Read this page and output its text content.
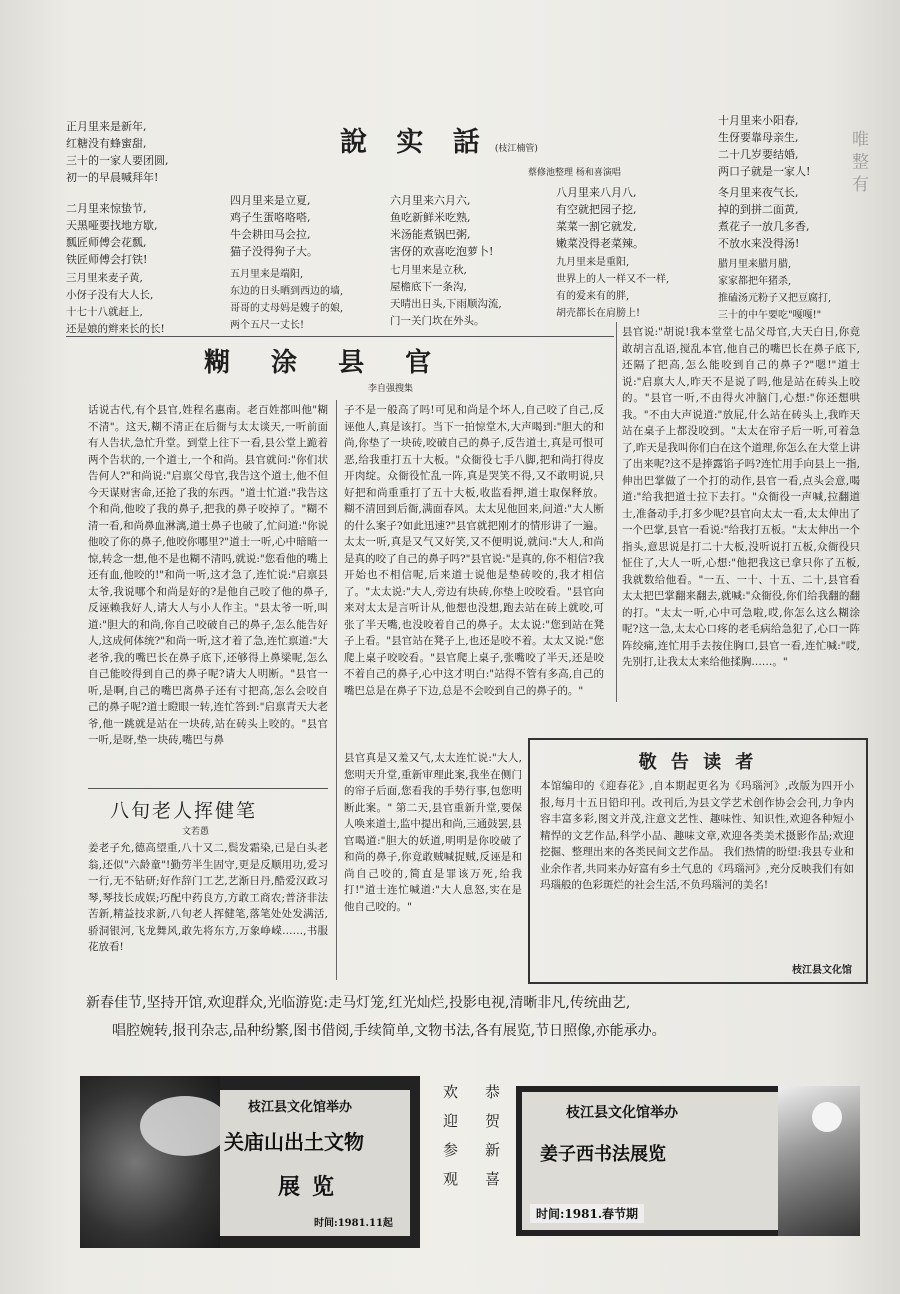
正月里来是新年,
红糖没有蜂蜜甜,
三十的一家人要团圆,
初一的早晨喊拜年!
二月里来惊蛰节,
天黑哑要找地方歇,
瓢匠师傅会花瓢,
铁匠师傅会打铁!
三月里来麦子黄,
小伢子没有大人长,
十七十八就赶上,
还是娘的辫来长的长!
四月里来是立夏,
鸡子生蛋咯咯嗒,
牛会耕田马会拉,
猫子没得狗子大。
五月里来是端阳,
东边的日头晒到西边的墙,
哥哥的丈母妈是嫂子的娘,
两个五尺一丈长!
說 实 話 (枝江楠管)
蔡修池整理 杨和喜演唱
六月里来六月六,
鱼吃新鲜米吃熟,
米汤能煮锅巴粥,
害伢的欢喜吃泡萝卜!
七月里来是立秋,
屋檐底下一条沟,
天晴出日头,下雨顺沟流,
门一关门坎在外头。
八月里来八月八,
有空就把园子挖,
菜菜一割它就发,
嫩菜没得老菜辣。
九月里来是重阳,
世界上的人一样又不一样,
有的爱来有的胖,
胡壳都长在肩膀上!
十月里来小阳春,
生伢要靠母亲生,
二十几岁要结婚,
两口子就是一家人!
冬月里来夜气长,
掉的到拼二面黄,
煮花子一放几多香,
不放水来没得汤!
腊月里来腊月腊,
家家都把年猪杀,
推磕汤元粉子又把豆腐打,
三十的中午要吃"嘎嘎!"
唯 整 有
糊 涂 县 官
李自强搜集
话说古代,有个县官,姓程名惠南。老百姓都叫他"糊不清"。这天,糊不清正在后衙与太太谈天,一听前面有人告状,急忙升堂。到堂上往下一看,县公堂上跪着两个告状的,一个道士,一个和尚。县官就问:"你们状告何人?"和尚说:"启禀父母官,我告这个道士,他不但今天谋财害命,还抢了我的东西。"道士忙道:"我告这个和尚,他咬了我的鼻子,把我的鼻子咬掉了。"糊不清一看,和尚鼻血淋漓,道士鼻子也破了,忙问道:"你说他咬了你的鼻子,他咬你哪里?"道士一听,心中暗暗一惊,转念一想,他不是也糊不清吗,就说:"您看他的嘴上还有血,他咬的!"和尚一听,这才急了,连忙说:"启禀县太爷,我说哪个和尚是好的?是他自己咬了他的鼻子,反诬赖我好人,请大人与小人作主。"县太爷一听,叫道:"胆大的和尚,你自己咬破自己的鼻子,怎么能告好人,这成何体统?"和尚一听,这才着了急,连忙禀道:"大老爷,我的嘴巴长在鼻子底下,还够得上鼻梁呢,怎么自己能咬得到自己的鼻子呢?请大人明断。"县官一听,是啊,自己的嘴巴离鼻子还有寸把高,怎么会咬自己的鼻子呢?道士瞪眼一转,连忙答到:"启禀青天大老爷,他一跳就是站在一块砖,站在砖头上咬的。"县官一听,是呀,垫一块砖,嘴巴与鼻
子不是一般高了吗!可见和尚是个坏人,自己咬了自己,反诬他人,真是该打。当下一拍惊堂木,大声喝到:"胆大的和尚,你垫了一块砖,咬破自己的鼻子,反告道士,真是可恨可恶,给我重打五十大板。"众衙役七手八脚,把和尚打得皮开肉绽。众衙役忙乱一阵,真是哭笑不得,又不敢明说,只好把和尚重重打了五十大板,收监看押,道士取保释放。 糊不清回到后衙,满面春风。太太见他回来,问道:"大人断的什么案子?如此迅速?"县官就把刚才的情形讲了一遍。太太一听,真是又气又好笑,又不便明说,就问:"大人,和尚是真的咬了自己的鼻子吗?"县官说:"是真的,你不相信?我开始也不相信呢,后来道士说他是垫砖咬的,我才相信了。"太太说:"大人,旁边有块砖,你垫上咬咬看。"县官向来对太太是言听计从,他想也没想,跑去站在砖上就咬,可张了半天嘴,也没咬着自己的鼻子。太太说:"您到站在凳子上看。"县官站在凳子上,也还是咬不着。太太又说:"您爬上桌子咬咬看。"县官爬上桌子,张嘴咬了半天,还是咬不着自己的鼻子,心中这才明白:"站得不管有多高,自己的嘴巴总是在鼻子下边,总是不会咬到自己的鼻子的。"
县官真是又羞又气,太太连忙说:"大人,您明天升堂,重新审理此案,我坐在侧门的帘子后面,您看我的手势行事,包您明断此案。" 第二天,县官重新升堂,要保人唤来道士,监中提出和尚,三通鼓罢,县官喝道:"胆大的妖道,明明是你咬破了和尚的鼻子,你竟敢贼喊捉贼,反诬是和尚自己咬的,简直是罪该万死,给我打!"道士连忙喊道:"大人息怒,实在是他自己咬的。"
县官说:"胡说!我本堂堂七品父母官,大天白日,你竟敢胡言乱语,搅乱本官,他自己的嘴巴长在鼻子底下,还隔了把高,怎么能咬到自己的鼻子?"嗯!"道士说:"启禀大人,昨天不是说了吗,他是站在砖头上咬的。"县官一听,不由得火冲脑门,心想:"你还想哄我。"不由大声说道:"放屁,什么站在砖头上,我昨天站在桌子上都没咬到。"太太在帘子后一听,可着急了,昨天是我叫你们白在这个道理,你怎么在大堂上讲了出来呢?这不是捧露馅子吗?连忙用手向县上一指,伸出巴掌做了一个打的动作,县官一看,点头会意,喝道:"给我把道士拉下去打。"众衙役一声喊,拉翻道士,准备动手,打多少呢?县官向太太一看,太太伸出了一个巴掌,县官一看说:"给我打五板。"太太伸出一个指头,意思说是打二十大板,没听说打五板,众衙役只怔住了,大人一听,心想:"他把我这已拿只你了五板,我就数给他看。"一五、一十、十五、二十,县官看太太把巴掌翻来翻去,就喊:"众衙役,你们给我翻的翻的打。"太太一听,心中可急啦,哎,你怎么这么糊涂呢?这一急,太太心口疼的老毛病给急犯了,心口一阵阵绞痛,连忙用手去按住胸口,县官一看,连忙喊:"哎,先别打,让我太太来给他揉胸……。"
八旬老人挥健笔
文若愚
姜老子允,德高望重,八十又二,鬓发霜染,已是白头老翁,还似"六龄童"!勤劳半生固守,更是反顺用功,爱习一行,无不钻研;好作辞门工艺,艺渐日丹,酷爱汉政习琴,琴技长成娱;巧配中药良方,方敢工商农;普济非法苦新,精益技求新,八旬老人挥健笔,落笔处处发满活,骄洞银河,飞龙舞风,敢先将东方,万象峥嵘……,书服花放看!
敬 告 读 者
本馆编印的《迎春花》,自本期起更名为《玛瑙河》,改版为四开小报,每月十五日铅印刊。改刊后,为县文学艺术创作协会会刊,力争内容丰富多彩,图文并茂,注意文艺性、趣味性、知识性,欢迎各种短小精悍的文艺作品,科学小品、趣味文章,欢迎各类美术摄影作品;欢迎挖掘、整理出来的各类民间文艺作品。 我们热情的盼望:我县专业和业余作者,共同来办好富有乡土气息的《玛瑙河》,充分反映我们有如玛瑙般的色彩斑烂的社会生活,不负玛瑙河的美名!
枝江县文化馆
新春佳节,坚持开馆,欢迎群众,光临游览:走马灯笼,红光灿烂,投影电视,清晰非凡,传统曲艺,
唱腔婉转,报刊杂志,品种纷繁,图书借阅,手续简单,文物书法,各有展览,节日照像,亦能承办。
枝江县文化馆举办
关庙山出土文物
展览
时间:1981.11起
欢迎参观	恭贺新喜	枝江县文化馆举办
姜子西书法展览
时间:1981.春节期
